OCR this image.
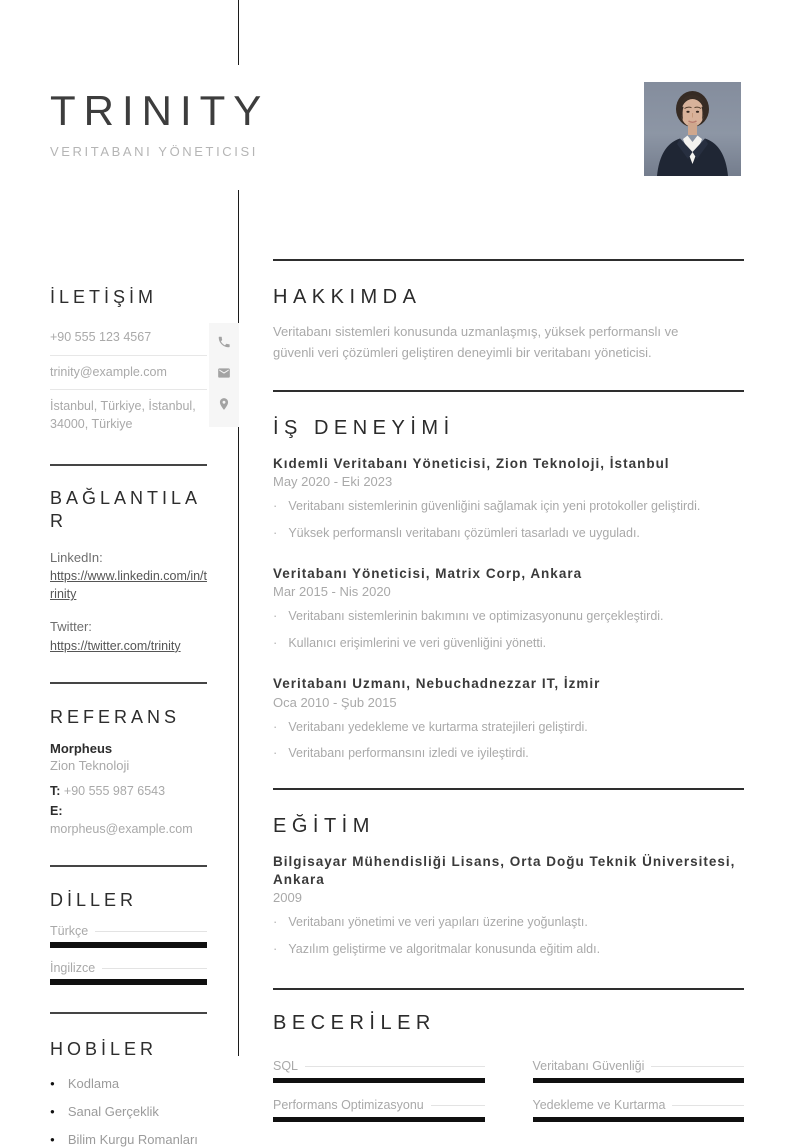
TRINITY
VERITABANI YÖNETICISI
İLETİŞİM
+90 555 123 4567
trinity@example.com
İstanbul, Türkiye, İstanbul, 34000, Türkiye
BAĞLANTILAR
LinkedIn:
https://www.linkedin.com/in/trinity
Twitter:
https://twitter.com/trinity
REFERANS
Morpheus
Zion Teknoloji
T: +90 555 987 6543
E: morpheus@example.com
DİLLER
Türkçe
İngilizce
HOBİLER
● Kodlama
● Sanal Gerçeklik
● Bilim Kurgu Romanları
HAKKIMDA
Veritabanı sistemleri konusunda uzmanlaşmış, yüksek performanslı ve güvenli veri çözümleri geliştiren deneyimli bir veritabanı yöneticisi.
İŞ DENEYİMİ
Kıdemli Veritabanı Yöneticisi, Zion Teknoloji, İstanbul
May 2020 - Eki 2023
· Veritabanı sistemlerinin güvenliğini sağlamak için yeni protokoller geliştirdi.
· Yüksek performanslı veritabanı çözümleri tasarladı ve uyguladı.
Veritabanı Yöneticisi, Matrix Corp, Ankara
Mar 2015 - Nis 2020
· Veritabanı sistemlerinin bakımını ve optimizasyonunu gerçekleştirdi.
· Kullanıcı erişimlerini ve veri güvenliğini yönetti.
Veritabanı Uzmanı, Nebuchadnezzar IT, İzmir
Oca 2010 - Şub 2015
· Veritabanı yedekleme ve kurtarma stratejileri geliştirdi.
· Veritabanı performansını izledi ve iyileştirdi.
EĞİTİM
Bilgisayar Mühendisliği Lisans, Orta Doğu Teknik Üniversitesi, Ankara
2009
· Veritabanı yönetimi ve veri yapıları üzerine yoğunlaştı.
· Yazılım geliştirme ve algoritmalar konusunda eğitim aldı.
BECERİLER
SQL	Veritabanı Güvenliği
Performans Optimizasyonu	Yedekleme ve Kurtarma
